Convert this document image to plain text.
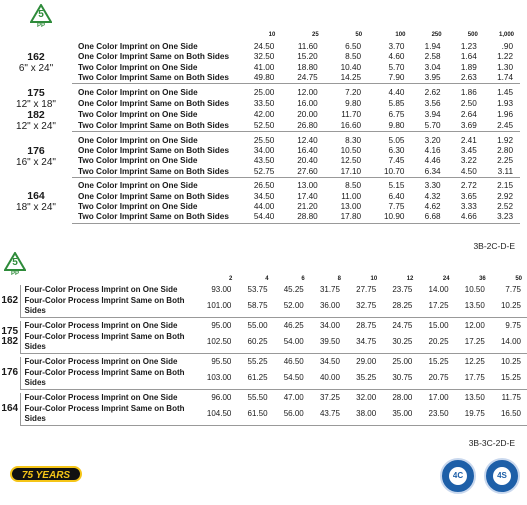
5
PP
		10	25	50	100	250	500	1,000
162
6" x 24"	One Color Imprint on One Side	24.50	11.60	6.50	3.70	1.94	1.23	.90
	One Color Imprint Same on Both Sides	32.50	15.20	8.50	4.60	2.58	1.64	1.22
	Two Color Imprint on One Side	41.00	18.80	10.40	5.70	3.04	1.89	1.30
	Two Color Imprint Same on Both Sides	49.80	24.75	14.25	7.90	3.95	2.63	1.74

175
12" x 18"
182
12" x 24"	One Color Imprint on One Side	25.00	12.00	7.20	4.40	2.62	1.86	1.45
	One Color Imprint Same on Both Sides	33.50	16.00	9.80	5.85	3.56	2.50	1.93
	Two Color Imprint on One Side	42.00	20.00	11.70	6.75	3.94	2.64	1.96
	Two Color Imprint Same on Both Sides	52.50	26.80	16.60	9.80	5.70	3.69	2.45

176
16" x 24"	One Color Imprint on One Side	25.50	12.40	8.30	5.05	3.20	2.41	1.92
	One Color Imprint Same on Both Sides	34.00	16.40	10.50	6.30	4.16	3.45	2.80
	Two Color Imprint on One Side	43.50	20.40	12.50	7.45	4.46	3.22	2.25
	Two Color Imprint Same on Both Sides	52.75	27.60	17.10	10.70	6.34	4.50	3.11

164
18" x 24"	One Color Imprint on One Side	26.50	13.00	8.50	5.15	3.30	2.72	2.15
	One Color Imprint Same on Both Sides	34.50	17.40	11.00	6.40	4.32	3.65	2.92
	Two Color Imprint on One Side	44.00	21.20	13.00	7.75	4.62	3.33	2.52
	Two Color Imprint Same on Both Sides	54.40	28.80	17.80	10.90	6.68	4.66	3.23
3B-2C-D-E
5
PP
		2	4	6	8	10	12	24	36	50
162	Four-Color Process Imprint on One Side	93.00	53.75	45.25	31.75	27.75	23.75	14.00	10.50	7.75
	Four-Color Process Imprint Same on Both Sides	101.00	58.75	52.00	36.00	32.75	28.25	17.25	13.50	10.25

175
182	Four-Color Process Imprint on One Side	95.00	55.00	46.25	34.00	28.75	24.75	15.00	12.00	9.75
	Four-Color Process Imprint Same on Both Sides	102.50	60.25	54.00	39.50	34.75	30.25	20.25	17.25	14.00

176	Four-Color Process Imprint on One Side	95.50	55.25	46.50	34.50	29.00	25.00	15.25	12.25	10.25
	Four-Color Process Imprint Same on Both Sides	103.00	61.25	54.50	40.00	35.25	30.75	20.75	17.75	15.25

164	Four-Color Process Imprint on One Side	96.00	55.50	47.00	37.25	32.00	28.00	17.00	13.50	11.75
	Four-Color Process Imprint Same on Both Sides	104.50	61.50	56.00	43.75	38.00	35.00	23.50	19.75	16.50
3B-3C-2D-E
75 YEARS	4C	4S
